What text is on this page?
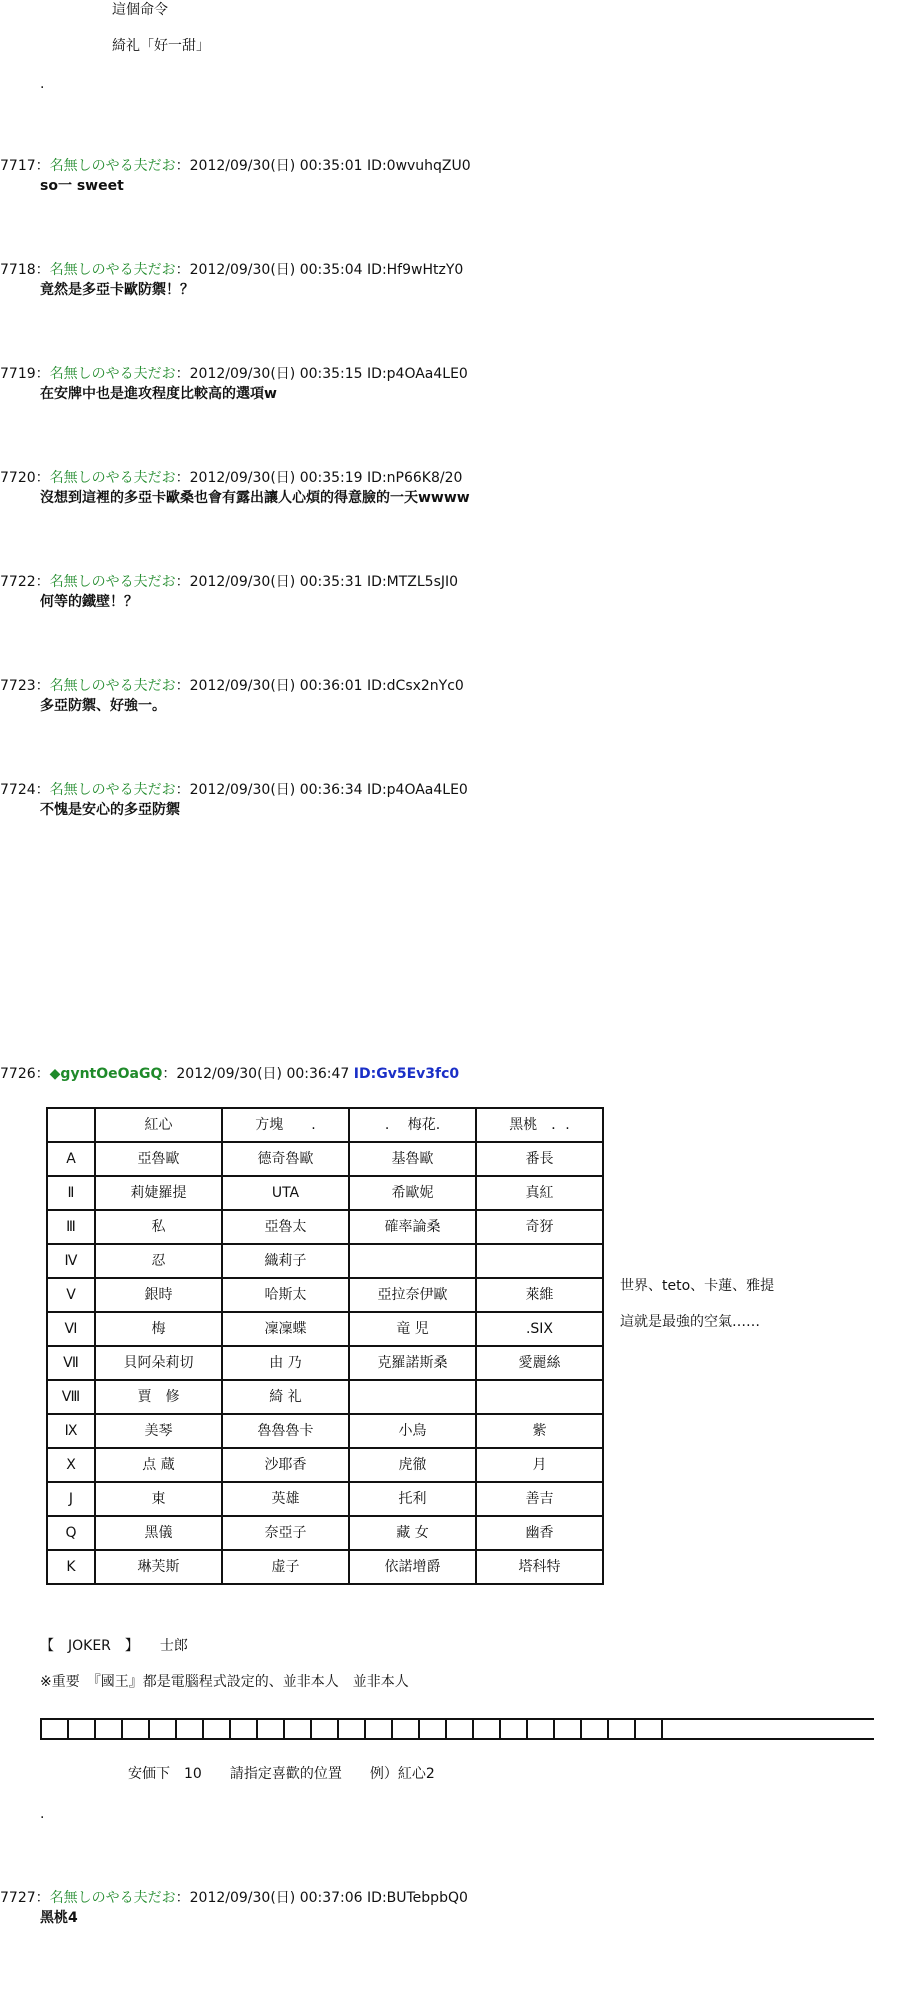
這個命令
綺礼「好一甜」
.
7717：名無しのやる夫だお：2012/09/30(日) 00:35:01 ID:0wvuhqZU0
so一 sweet
7718：名無しのやる夫だお：2012/09/30(日) 00:35:04 ID:Hf9wHtzY0
竟然是多亞卡歐防禦！？
7719：名無しのやる夫だお：2012/09/30(日) 00:35:15 ID:p4OAa4LE0
在安牌中也是進攻程度比較高的選項w
7720：名無しのやる夫だお：2012/09/30(日) 00:35:19 ID:nP66K8/20
沒想到這裡的多亞卡歐桑也會有露出讓人心煩的得意臉的一天wwww
7722：名無しのやる夫だお：2012/09/30(日) 00:35:31 ID:MTZL5sJI0
何等的鐵壁！？
7723：名無しのやる夫だお：2012/09/30(日) 00:36:01 ID:dCsx2nYc0
多亞防禦、好強一。
7724：名無しのやる夫だお：2012/09/30(日) 00:36:34 ID:p4OAa4LE0
不愧是安心的多亞防禦
7726：◆gyntOeOaGQ：2012/09/30(日) 00:36:47 ID:Gv5Ev3fc0
	紅心	方塊　　.	.　 梅花.	黑桃　．.
A	亞魯歐	德奇魯歐	基魯歐	番長
Ⅱ	莉婕羅提	UTA	希歐妮	真紅
Ⅲ	私	亞魯太	確率論桑	奇犽
Ⅳ	忍	織莉子		
Ⅴ	銀時	哈斯太	亞拉奈伊歐	萊維
Ⅵ	梅	凜凜蝶	竜 児	.SIX
Ⅶ	貝阿朵莉切	由 乃	克羅諾斯桑	愛麗絲
Ⅷ	賈　修	綺 礼		
Ⅸ	美琴	魯魯魯卡	小鳥	紫
Ⅹ	点 蔵	沙耶香	虎徹	月
J	東	英雄	托利	善吉
Q	黑儀	奈亞子	藏 女	幽香
K	琳芙斯	虚子	依諾增爵	塔科特
世界、teto、卡蓮、雅提
這就是最強的空氣……
【　JOKER　】　　士郎
※重要　『國王』都是電腦程式設定的、並非本人　並非本人
安価下　10　　請指定喜歡的位置　　例）紅心2
.
7727：名無しのやる夫だお：2012/09/30(日) 00:37:06 ID:BUTebpbQ0
黑桃4
